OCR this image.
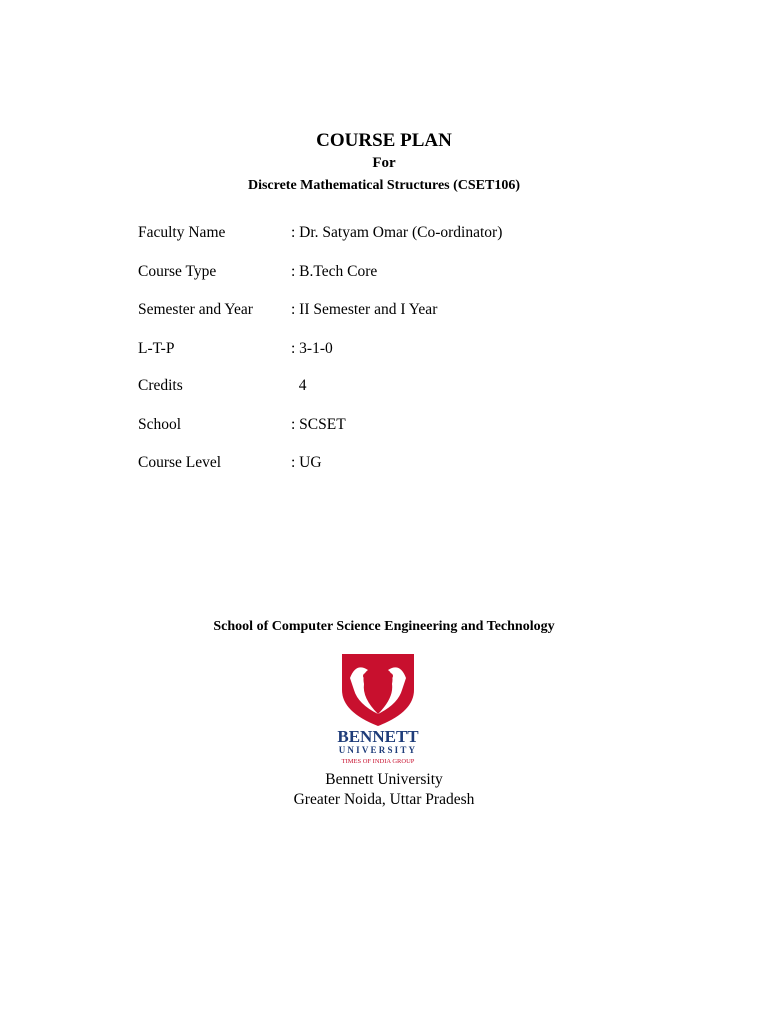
COURSE PLAN
For
Discrete Mathematical Structures (CSET106)
Faculty Name	: Dr. Satyam Omar (Co-ordinator)
Course Type	: B.Tech Core
Semester and Year : II Semester and I Year
L-T-P	: 3-1-0
Credits	4
School	: SCSET
Course Level	: UG
School of Computer Science Engineering and Technology
BENNETT
UNIVERSITY
TIMES OF INDIA GROUP
Bennett University
Greater Noida, Uttar Pradesh
